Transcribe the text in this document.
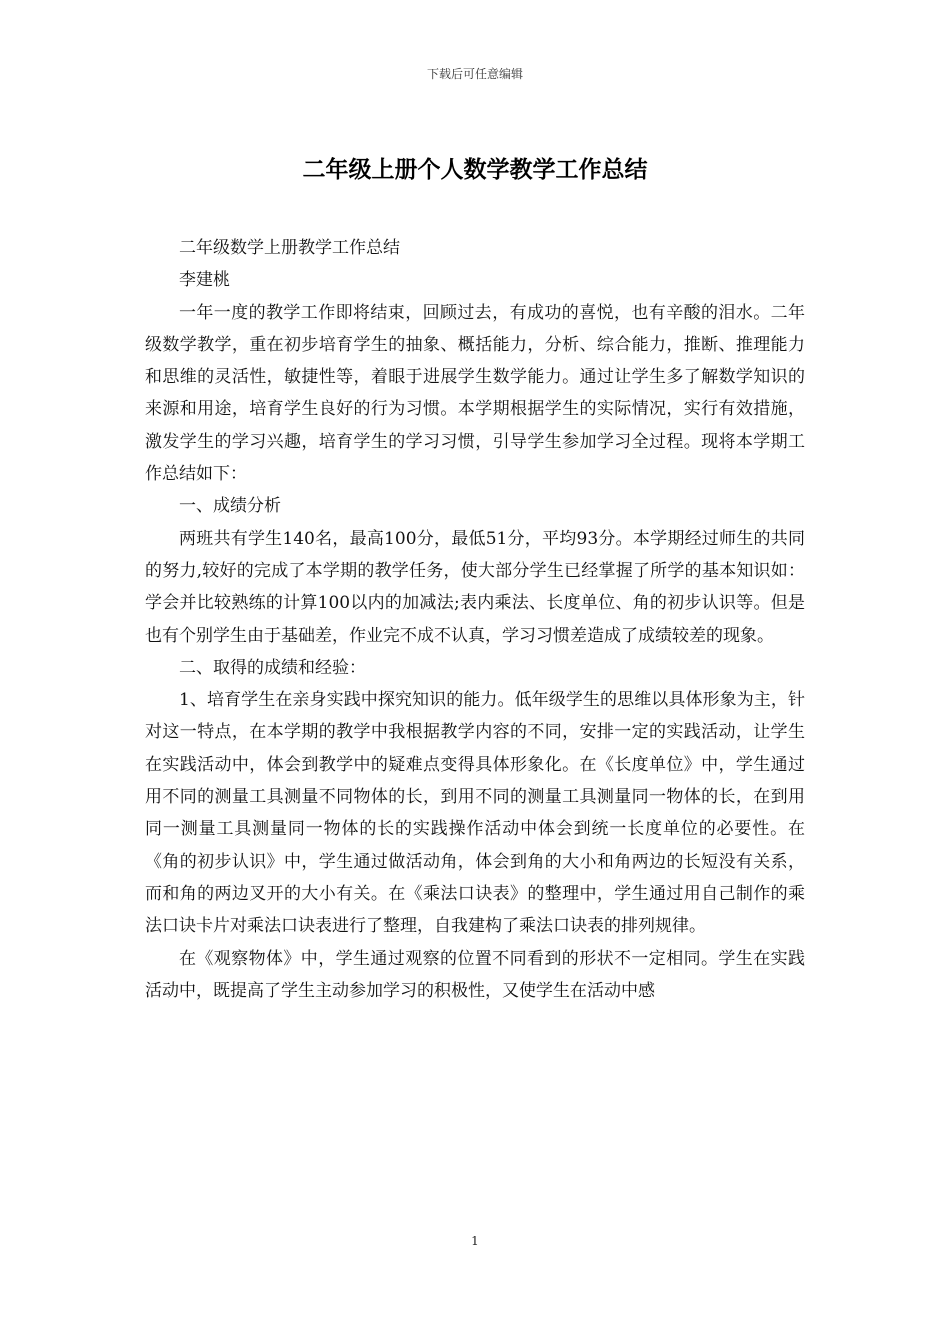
下载后可任意编辑
二年级上册个人数学教学工作总结

二年级数学上册教学工作总结

李建桃

一年一度的教学工作即将结束，回顾过去，有成功的喜悦，也有辛酸的泪水。二年级数学教学，重在初步培育学生的抽象、概括能力，分析、综合能力，推断、推理能力和思维的灵活性，敏捷性等，着眼于进展学生数学能力。通过让学生多了解数学知识的来源和用途，培育学生良好的行为习惯。本学期根据学生的实际情况，实行有效措施，激发学生的学习兴趣，培育学生的学习习惯，引导学生参加学习全过程。现将本学期工作总结如下：

一、成绩分析

两班共有学生140名，最高100分，最低51分，平均93分。本学期经过师生的共同的努力,较好的完成了本学期的教学任务，使大部分学生已经掌握了所学的基本知识如：学会并比较熟练的计算100以内的加减法;表内乘法、长度单位、角的初步认识等。但是也有个别学生由于基础差，作业完不成不认真，学习习惯差造成了成绩较差的现象。

二、取得的成绩和经验：

1、培育学生在亲身实践中探究知识的能力。低年级学生的思维以具体形象为主，针对这一特点，在本学期的教学中我根据教学内容的不同，安排一定的实践活动，让学生在实践活动中，体会到教学中的疑难点变得具体形象化。在《长度单位》中，学生通过用不同的测量工具测量不同物体的长，到用不同的测量工具测量同一物体的长，在到用同一测量工具测量同一物体的长的实践操作活动中体会到统一长度单位的必要性。在《角的初步认识》中，学生通过做活动角，体会到角的大小和角两边的长短没有关系，而和角的两边叉开的大小有关。在《乘法口诀表》的整理中，学生通过用自己制作的乘法口诀卡片对乘法口诀表进行了整理，自我建构了乘法口诀表的排列规律。

在《观察物体》中，学生通过观察的位置不同看到的形状不一定相同。学生在实践活动中，既提高了学生主动参加学习的积极性，又使学生在活动中感

1
